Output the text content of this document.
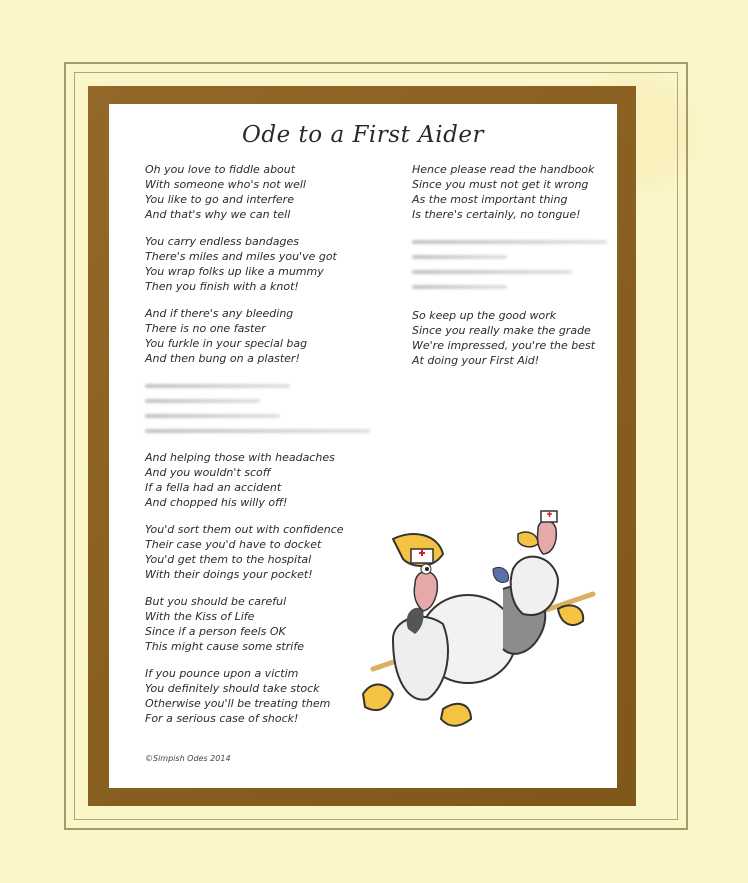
Ode to a First Aider
Oh you love to fiddle about
With someone who's not well
You like to go and interfere
And that's why we can tell
You carry endless bandages
There's miles and miles you've got
You wrap folks up like a mummy
Then you finish with a knot!
And if there's any bleeding
There is no one faster
You furkle in your special bag
And then bung on a plaster!
And helping those with headaches
And you wouldn't scoff
If a fella had an accident
And chopped his willy off!
You'd sort them out with confidence
Their case you'd have to docket
You'd get them to the hospital
With their doings your pocket!
But you should be careful
With the Kiss of Life
Since if a person feels OK
This might cause some strife
If you pounce upon a victim
You definitely should take stock
Otherwise you'll be treating them
For a serious case of shock!
Hence please read the handbook
Since you must not get it wrong
As the most important thing
Is there's certainly, no tongue!
So keep up the good work
Since you really make the grade
We're impressed, you're the best
At doing your First Aid!
©Simpish Odes 2014
